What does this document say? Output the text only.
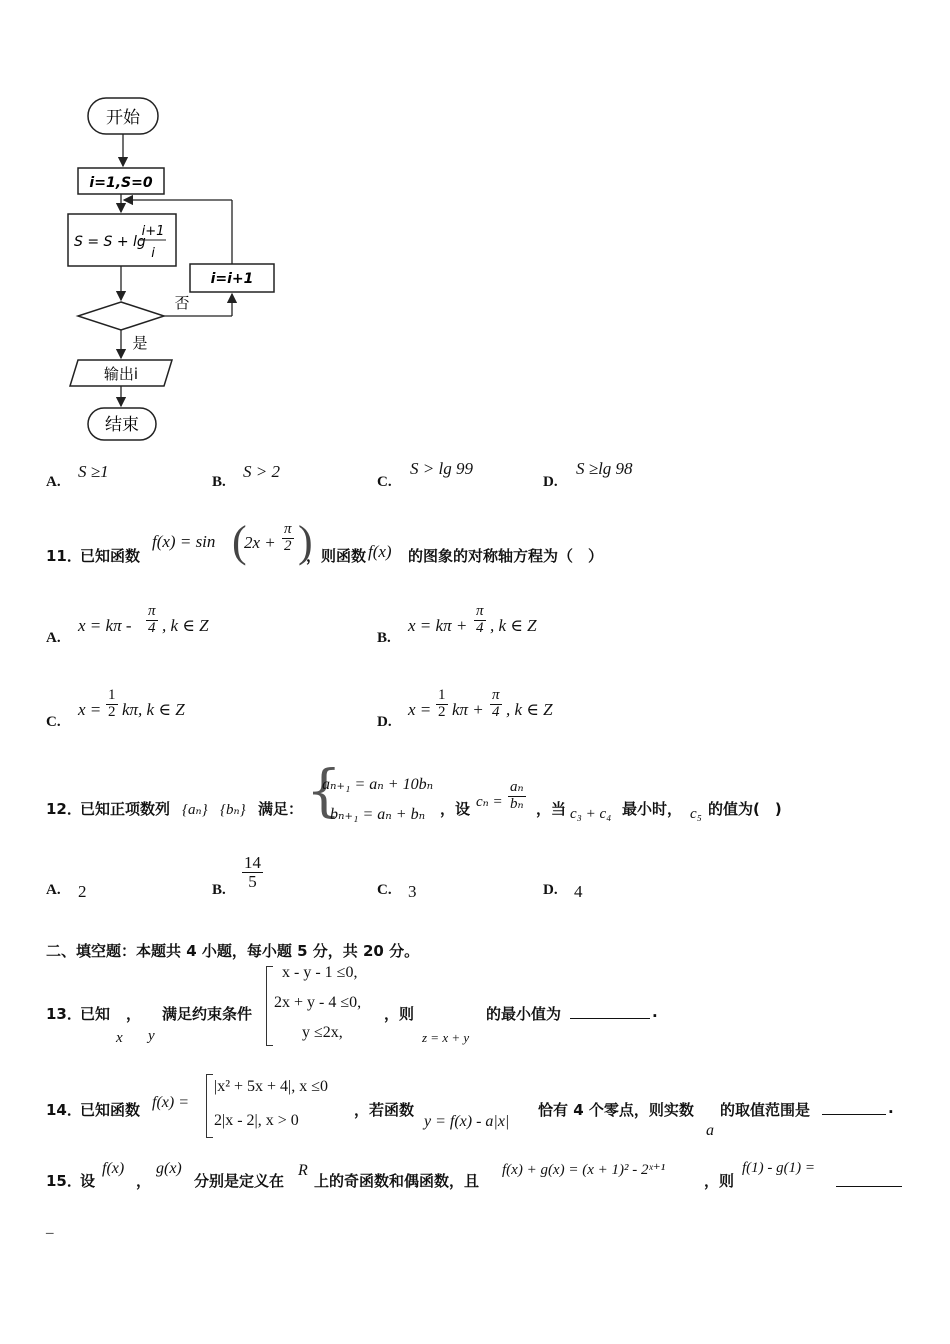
开始
i=1,S=0
S = S + lg
i+1
i
i=i+1
否
是
输出i
结束
A.
S ≥1
B.
S > 2
C.
S > lg 99
D.
S ≥lg 98
11．
已知函数
f(x) = sin (
$2x + \frac{\pi}{2}$ )
，则函数 f(x) 的图象的对称轴方程为（　）
A.
$x = k\pi - \frac{\pi}{4}$ , k ∈ Z
B.
$x = k\pi + \frac{\pi}{4}$ , k ∈ Z
C.
$x = \frac{1}{2} k\pi$, k ∈ Z
D.
$x = \frac{1}{2}$ $k\pi + \frac{\pi}{4}$ , k ∈ Z
12．
已知正项数列 {aₙ} {bₙ} 满足： {
aₙ₊₁ = aₙ + 10bₙ
bₙ₊₁ = aₙ + bₙ ，设 $c_n = \frac{\text{aₙ}}{\text{bₙ}}$ ，当 c₃ + c₄ 最小时， c₅ 的值为(　)
A. 2	B. $\frac{14}{5}$	C. 3	D. 4
二、填空题：本题共 4 小题，每小题 5 分，共 20 分。
13．
已知 ，
x y
满足约束条件
x - y - 1 ≤0,
2x + y - 4 ≤0,
y ≤2x,
，则
z = x + y
的最小值为	.
14．
已知函数 f(x) =
|x² + 5x + 4|, x ≤0
2|x - 2|, x > 0
，若函数
y = f(x) - a|x|
恰有 4 个零点，则实数
a
的取值范围是	.
15．
设
f(x)
，
g(x)
分别是定义在
R
上的奇函数和偶函数，且
f(x) + g(x) = (x + 1)² - 2ˣ⁺¹
，则
f(1) - g(1) =
_
